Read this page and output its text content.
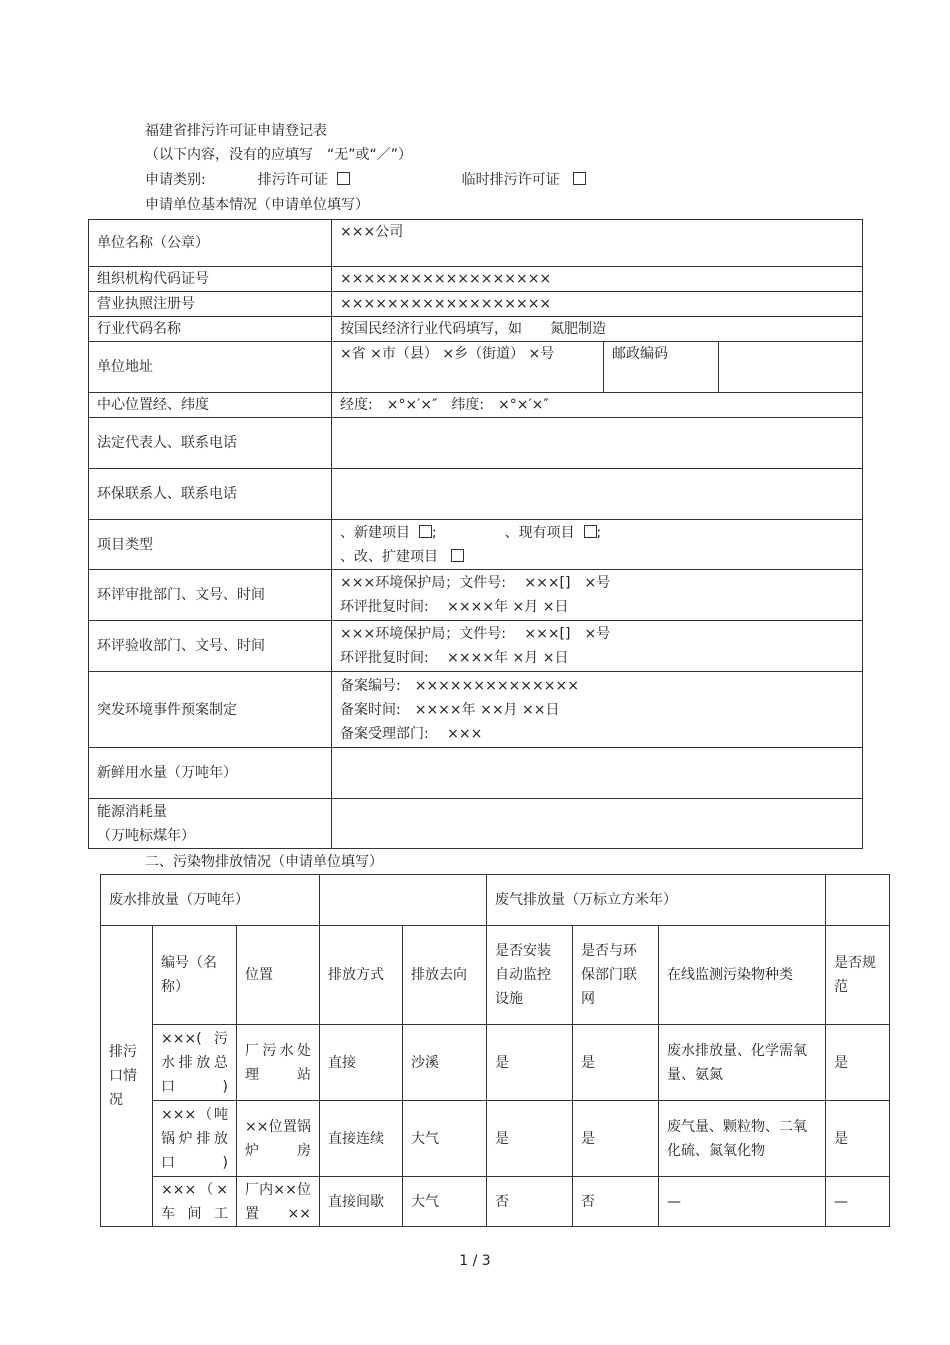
福建省排污许可证申请登记表
（以下内容，没有的应填写　“无”或“／”）
申请类别:	排污许可证	临时排污许可证
申请单位基本情况（申请单位填写）
单位名称（公章）	×××公司		
组织机构代码证号	××××××××××××××××××		
营业执照注册号	××××××××××××××××××		
行业代码名称	按国民经济行业代码填写，如　　氮肥制造		
单位地址	×省 ×市（县） ×乡（街道） ×号	邮政编码	
中心位置经、纬度	经度:　×°×′×″　纬度:　×°×′×″		
法定代表人、联系电话			
环保联系人、联系电话			
项目类型	、新建项目 ; 、现有项目 ;
、改、扩建项目		

环评审批部门、文号、时间	×××环境保护局；文件号:　 ×××[]　×号
环评批复时间:　 ××××年 ×月 ×日		

环评验收部门、文号、时间	×××环境保护局；文件号:　 ×××[]　×号
环评批复时间:　 ××××年 ×月 ×日		

突发环境事件预案制定	备案编号:　××××××××××××××
备案时间:　××××年 ××月 ××日
备案受理部门:　 ×××		

新鲜用水量（万吨年）			

能源消耗量
（万吨标煤年）			

二、污染物排放情况（申请单位填写）
废水排放量（万吨年）					废气排放量（万标立方米年）			
排污口情况	编号（名称）	位置	排放方式	排放去向	是否安装自动监控设施	是否与环保部门联网	在线监测污染物种类	是否规范
	×××(污水排放总口)	厂污水处理站	直接	沙溪	是	是	废水排放量、化学需氧量、氨氮	是
	×××（吨锅炉排放口)	××位置锅炉房	直接连续	大气	是	是	废气量、颗粒物、二氧化硫、氮氧化物	是
	×××（×车间工	厂内××位置××	直接间歇	大气	否	否	—	—
1 / 3
